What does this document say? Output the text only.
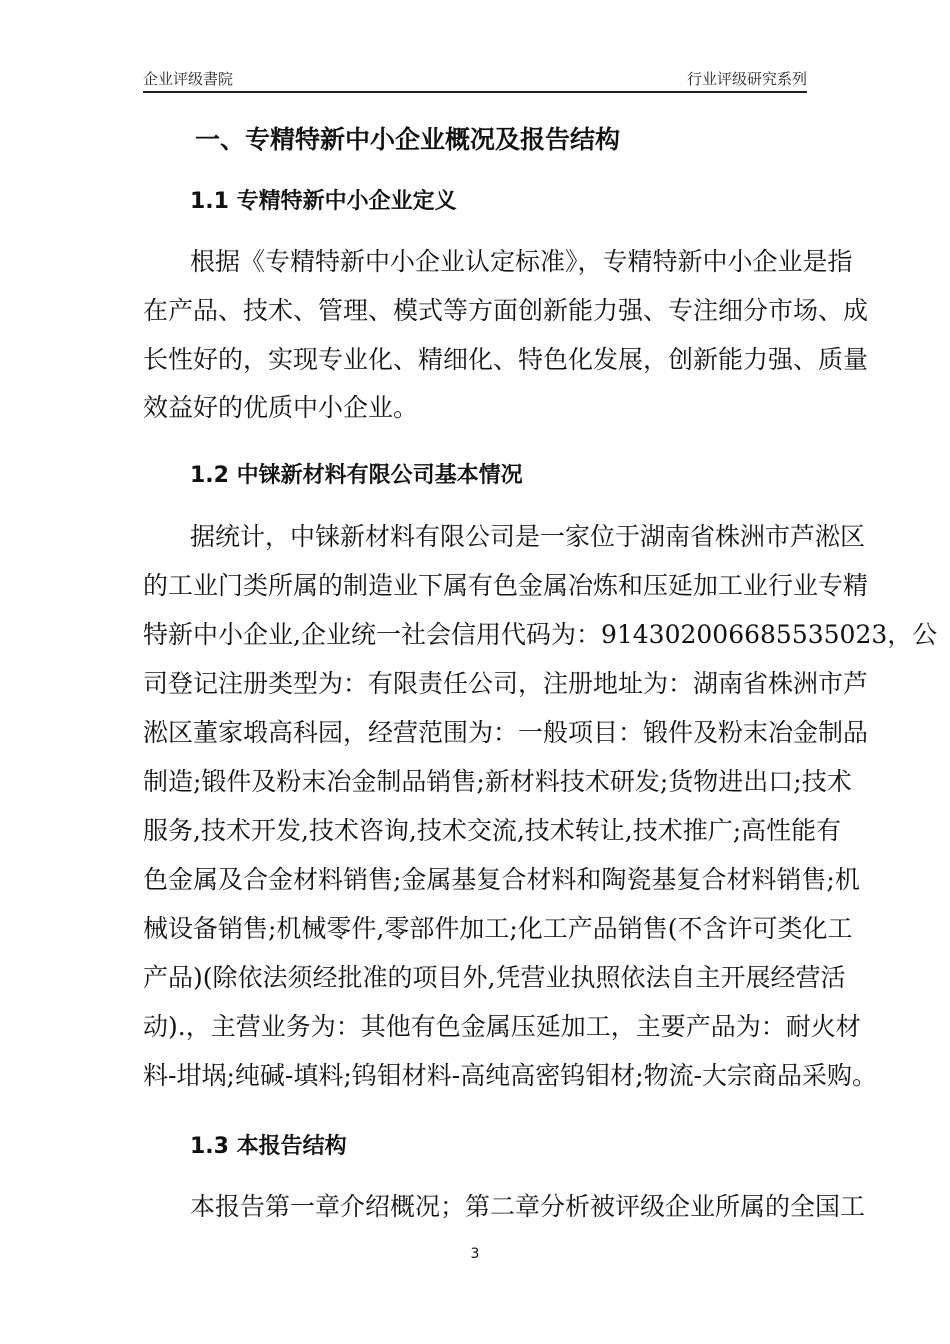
企业评级書院	行业评级研究系列
一、专精特新中小企业概况及报告结构
1.1 专精特新中小企业定义
根据《专精特新中小企业认定标准》，专精特新中小企业是指
在产品、技术、管理、模式等方面创新能力强、专注细分市场、成
长性好的，实现专业化、精细化、特色化发展，创新能力强、质量
效益好的优质中小企业。
1.2 中铼新材料有限公司基本情况
据统计，中铼新材料有限公司是一家位于湖南省株洲市芦淞区
的工业门类所属的制造业下属有色金属冶炼和压延加工业行业专精
特新中小企业,企业统一社会信用代码为：914302006685535023，公
司登记注册类型为：有限责任公司，注册地址为：湖南省株洲市芦
淞区董家塅高科园，经营范围为：一般项目：锻件及粉末冶金制品
制造;锻件及粉末冶金制品销售;新材料技术研发;货物进出口;技术
服务,技术开发,技术咨询,技术交流,技术转让,技术推广;高性能有
色金属及合金材料销售;金属基复合材料和陶瓷基复合材料销售;机
械设备销售;机械零件,零部件加工;化工产品销售(不含许可类化工
产品)(除依法须经批准的项目外,凭营业执照依法自主开展经营活
动).，主营业务为：其他有色金属压延加工，主要产品为：耐火材
料-坩埚;纯碱-填料;钨钼材料-高纯高密钨钼材;物流-大宗商品采购。
1.3 本报告结构
本报告第一章介绍概况；第二章分析被评级企业所属的全国工
3
